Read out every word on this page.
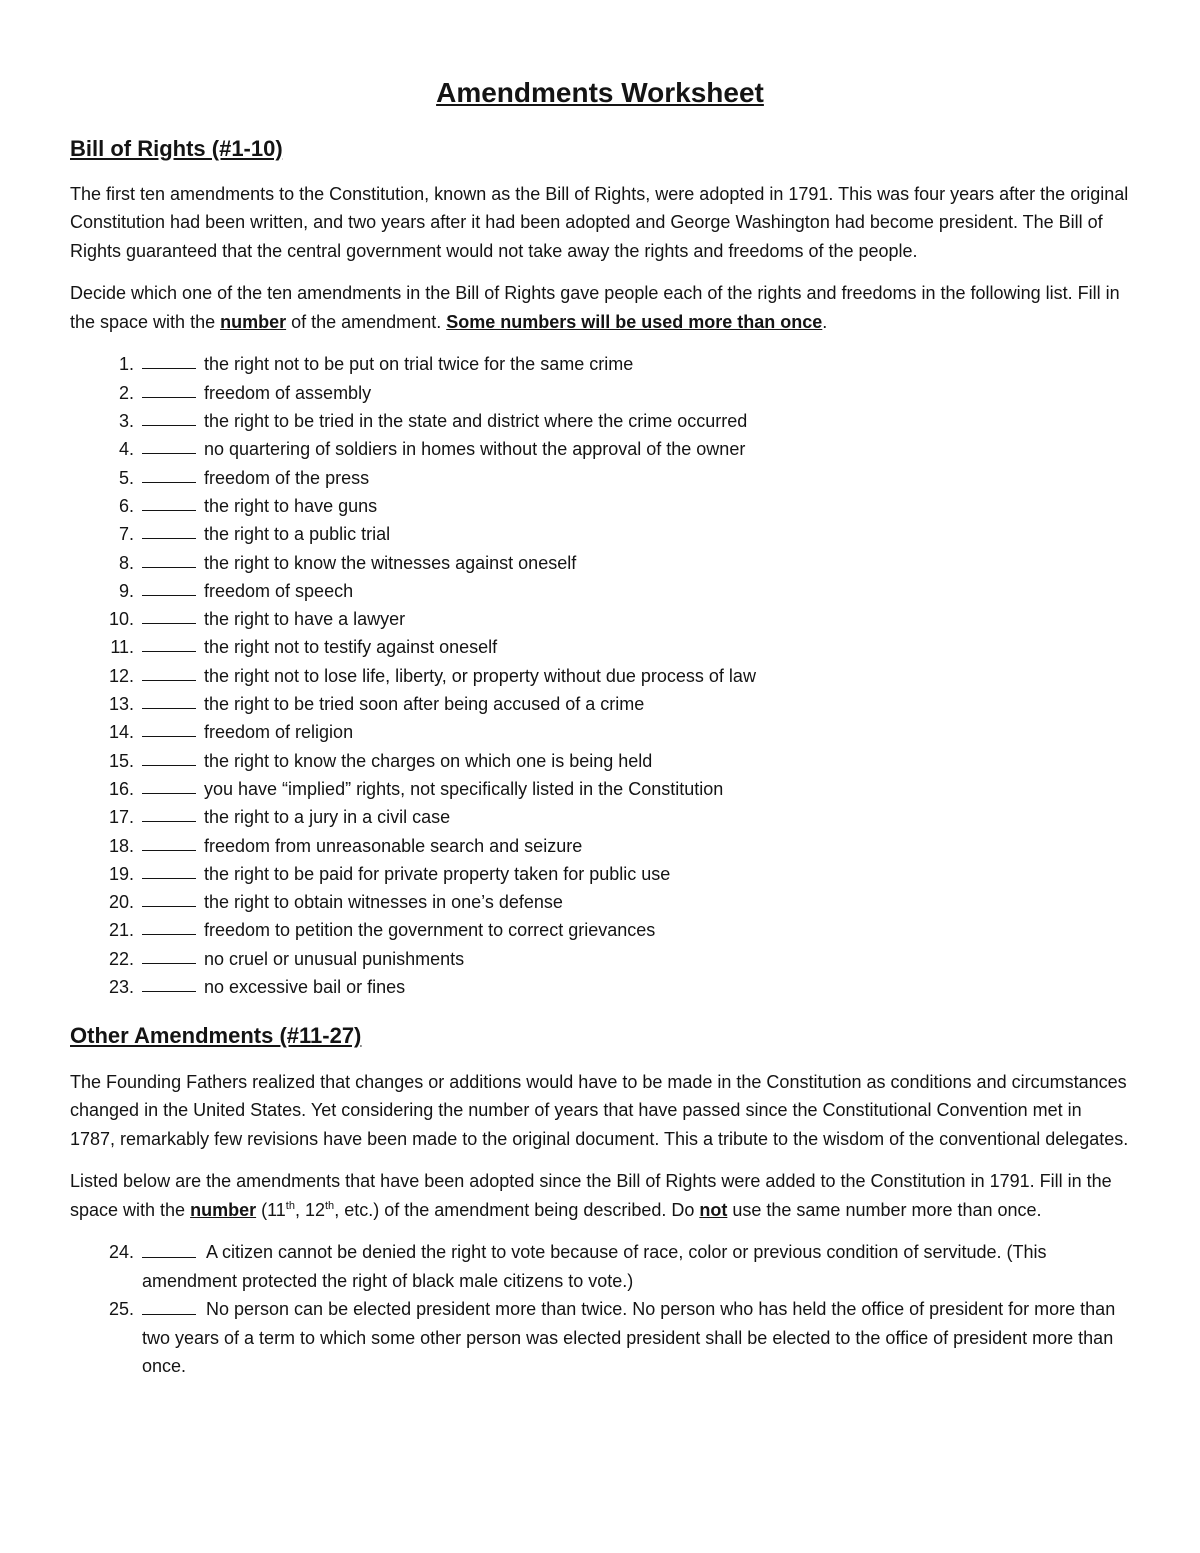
Amendments Worksheet
Bill of Rights (#1-10)

The first ten amendments to the Constitution, known as the Bill of Rights, were adopted in 1791. This was four years after the original Constitution had been written, and two years after it had been adopted and George Washington had become president. The Bill of Rights guaranteed that the central government would not take away the rights and freedoms of the people.

Decide which one of the ten amendments in the Bill of Rights gave people each of the rights and freedoms in the following list. Fill in the space with the number of the amendment. Some numbers will be used more than once.

1.	the right not to be put on trial twice for the same crime
2.	freedom of assembly
3.	the right to be tried in the state and district where the crime occurred
4.	no quartering of soldiers in homes without the approval of the owner
5.	freedom of the press
6.	the right to have guns
7.	the right to a public trial
8.	the right to know the witnesses against oneself
9.	freedom of speech
10.	the right to have a lawyer
11.	the right not to testify against oneself
12.	the right not to lose life, liberty, or property without due process of law
13.	the right to be tried soon after being accused of a crime
14.	freedom of religion
15.	the right to know the charges on which one is being held
16.	you have “implied” rights, not specifically listed in the Constitution
17.	the right to a jury in a civil case
18.	freedom from unreasonable search and seizure
19.	the right to be paid for private property taken for public use
20.	the right to obtain witnesses in one’s defense
21.	freedom to petition the government to correct grievances
22.	no cruel or unusual punishments
23.	no excessive bail or fines
Other Amendments (#11-27)

The Founding Fathers realized that changes or additions would have to be made in the Constitution as conditions and circumstances changed in the United States. Yet considering the number of years that have passed since the Constitutional Convention met in 1787, remarkably few revisions have been made to the original document. This a tribute to the wisdom of the conventional delegates.

Listed below are the amendments that have been adopted since the Bill of Rights were added to the Constitution in 1791. Fill in the space with the number (11th, 12th, etc.) of the amendment being described. Do not use the same number more than once.

24.	A citizen cannot be denied the right to vote because of race, color or previous condition of servitude. (This amendment protected the right of black male citizens to vote.)
25.	No person can be elected president more than twice. No person who has held the office of president for more than two years of a term to which some other person was elected president shall be elected to the office of president more than once.
